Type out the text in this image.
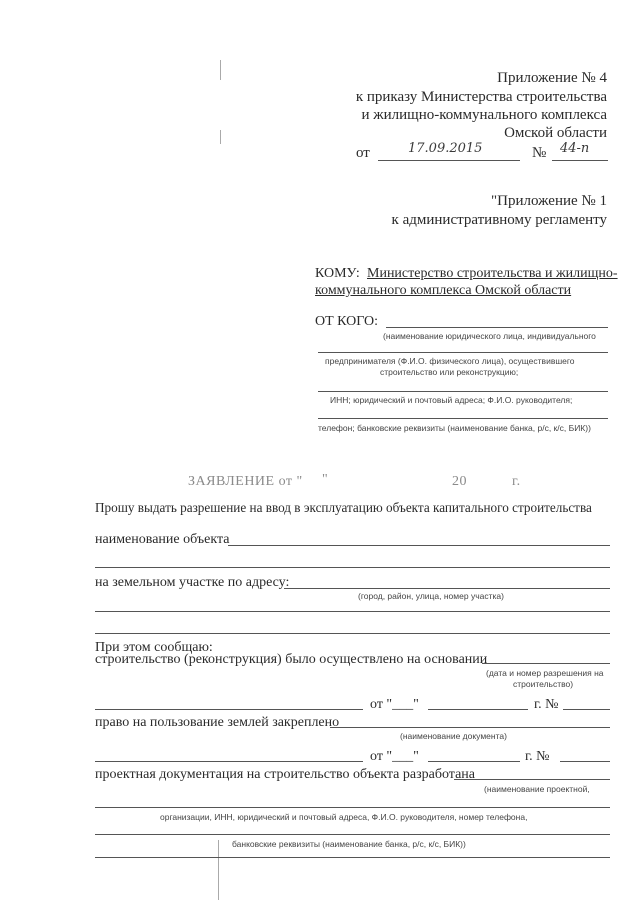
Приложение № 4
к приказу Министерства строительства
и жилищно-коммунального комплекса
Омской области
от	17.09.2015	№ 44-п
"Приложение № 1
к административному регламенту
КОМУ: Министерство строительства и жилищно-
коммунального комплекса Омской области
ОТ КОГО:
(наименование юридического лица, индивидуального
предпринимателя (Ф.И.О. физического лица), осуществившего
строительство или реконструкцию;
ИНН; юридический и почтовый адреса; Ф.И.О. руководителя;
телефон; банковские реквизиты (наименование банка, р/с, к/с, БИК))
ЗАЯВЛЕНИЕ от " "	20	г.
Прошу выдать разрешение на ввод в эксплуатацию объекта капитального строительства
наименование объекта
на земельном участке по адресу:
(город, район, улица, номер участка)
При этом сообщаю:
строительство (реконструкция) было осуществлено на основании
(дата и номер разрешения на
строительство)
от "___"	г. №
право на пользование землей закреплено
(наименование документа)
от "___"	г. №
проектная документация на строительство объекта разработана
(наименование проектной,
организации, ИНН, юридический и почтовый адреса, Ф.И.О. руководителя, номер телефона,
банковские реквизиты (наименование банка, р/с, к/с, БИК))
